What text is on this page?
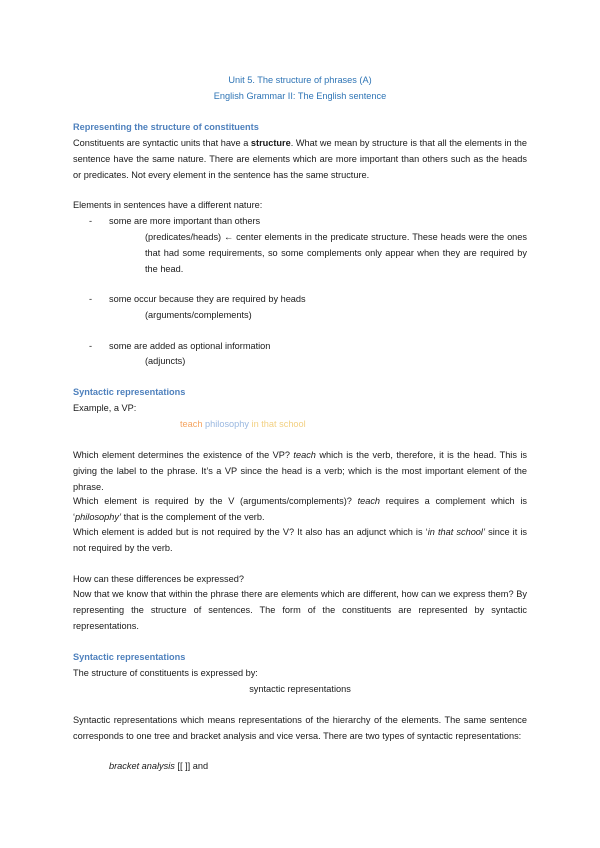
Unit 5. The structure of phrases (A)
English Grammar II: The English sentence
Representing the structure of constituents
Constituents are syntactic units that have a structure. What we mean by structure is that all the elements in the sentence have the same nature. There are elements which are more important than others such as the heads or predicates. Not every element in the sentence has the same structure.
Elements in sentences have a different nature:
- some are more important than others
(predicates/heads) ← center elements in the predicate structure. These heads were the ones that had some requirements, so some complements only appear when they are required by the head.
- some occur because they are required by heads
(arguments/complements)
- some are added as optional information
(adjuncts)
Syntactic representations
Example, a VP:
teach philosophy in that school
Which element determines the existence of the VP? teach which is the verb, therefore, it is the head. This is giving the label to the phrase. It’s a VP since the head is a verb; which is the most important element of the phrase.
Which element is required by the V (arguments/complements)? teach requires a complement which is ‘philosophy’ that is the complement of the verb.
Which element is added but is not required by the V? It also has an adjunct which is ‘in that school’ since it is not required by the verb.
How can these differences be expressed?
Now that we know that within the phrase there are elements which are different, how can we express them? By representing the structure of sentences. The form of the constituents are represented by syntactic representations.
Syntactic representations
The structure of constituents is expressed by:
syntactic representations
Syntactic representations which means representations of the hierarchy of the elements. The same sentence corresponds to one tree and bracket analysis and vice versa. There are two types of syntactic representations:
bracket analysis [[ ]] and
